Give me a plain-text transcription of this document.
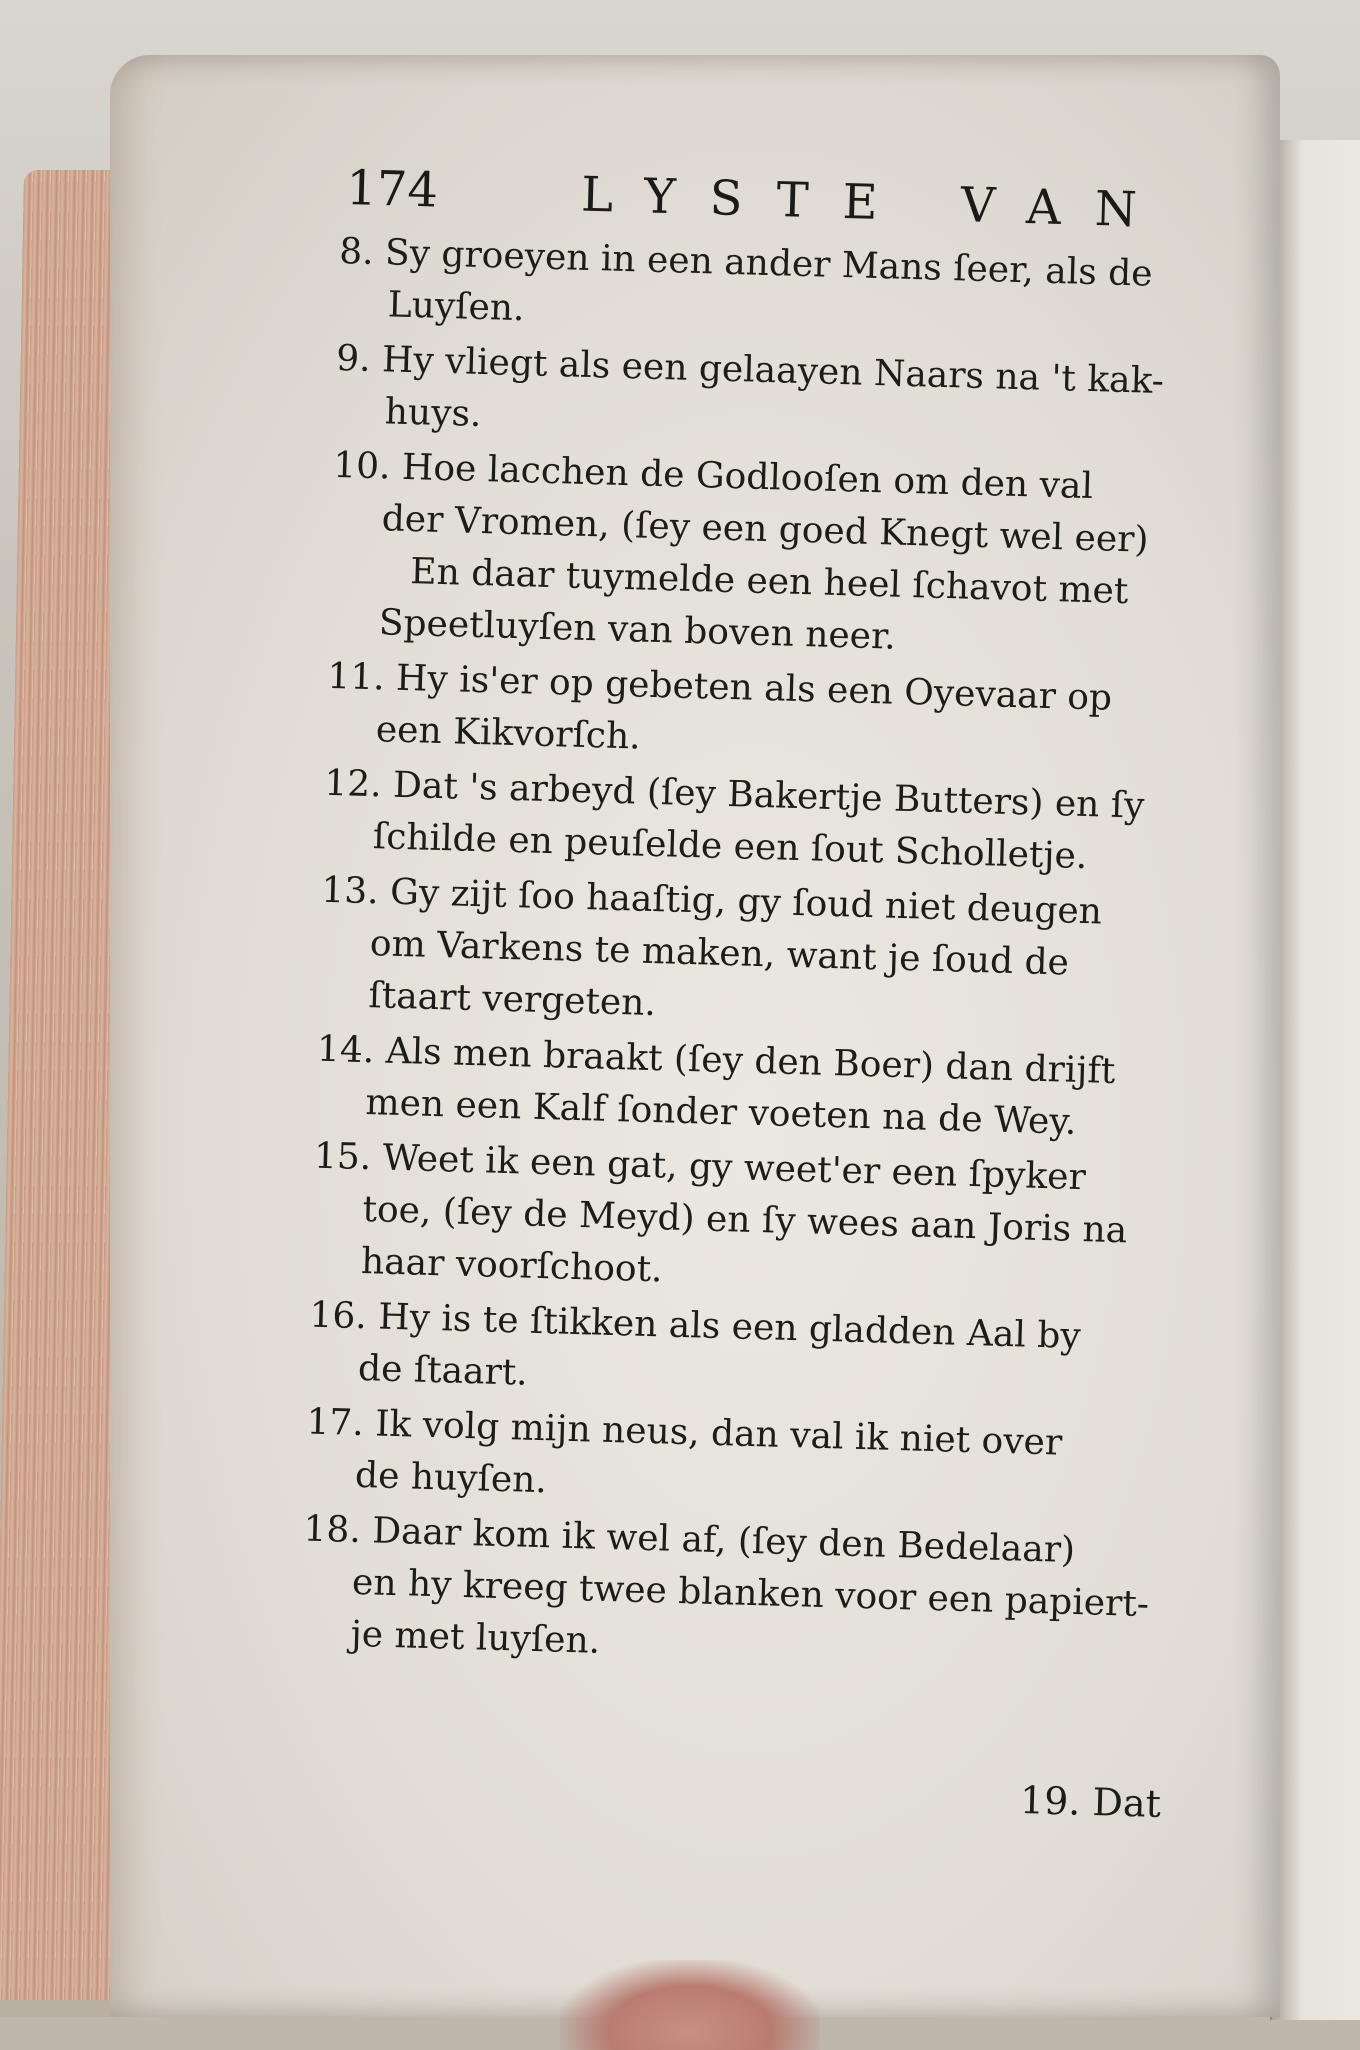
174	LYSTE VAN
8. Sy groeyen in een ander Mans ſeer, als de
Luyſen.
9. Hy vliegt als een gelaayen Naars na 't kak-
huys.
10. Hoe lacchen de Godlooſen om den val
der Vromen, (ſey een goed Knegt wel eer)
En daar tuymelde een heel ſchavot met
Speetluyſen van boven neer.
11. Hy is'er op gebeten als een Oyevaar op
een Kikvorſch.
12. Dat 's arbeyd (ſey Bakertje Butters) en ſy
ſchilde en peuſelde een ſout Scholletje.
13. Gy zijt ſoo haaſtig, gy ſoud niet deugen
om Varkens te maken, want je ſoud de
ſtaart vergeten.
14. Als men braakt (ſey den Boer) dan drijft
men een Kalf ſonder voeten na de Wey.
15. Weet ik een gat, gy weet'er een ſpyker
toe, (ſey de Meyd) en ſy wees aan Joris na
haar voorſchoot.
16. Hy is te ſtikken als een gladden Aal by
de ſtaart.
17. Ik volg mijn neus, dan val ik niet over
de huyſen.
18. Daar kom ik wel af, (ſey den Bedelaar)
en hy kreeg twee blanken voor een papiert-
je met luyſen.
19. Dat
